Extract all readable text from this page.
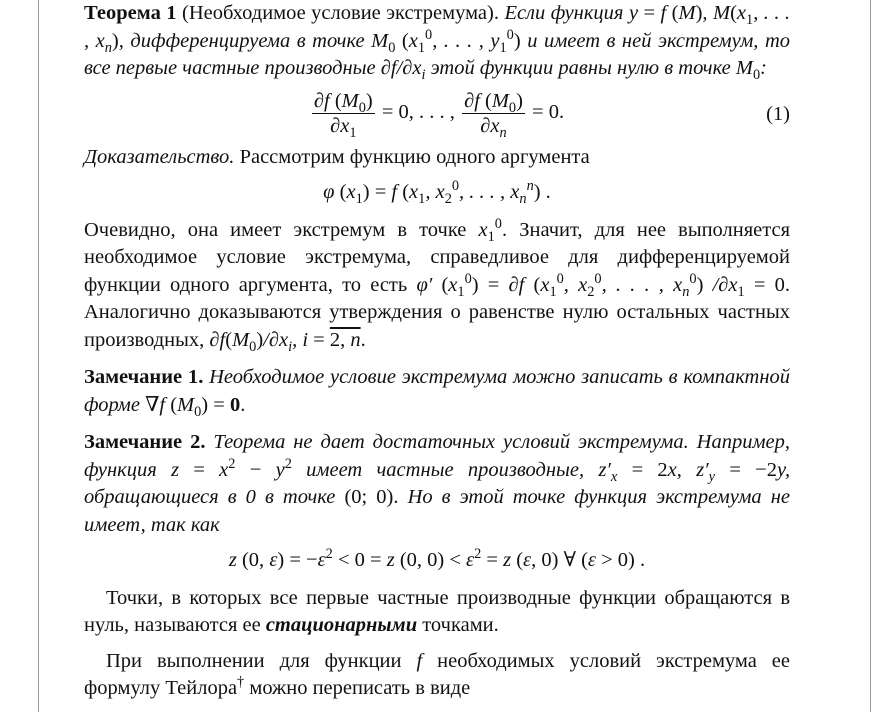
Теорема 1 (Необходимое условие экстремума). Если функция y = f (M), $M(x_1$, . . . , $x_n$), дифференцируема в точке $M_0$ ($x_1^0$, . . . , $y_1^0$) и имеет в ней экстремум, то все первые частные производные $\partial f/\partial x_i$ этой функции равны нулю в точке $M_0$:

$\frac{\partial f (M_0)}{\partial x_1} = 0$, . . . , $\frac{\partial f (M_0)}{\partial x_n} = 0$.	(1)

Доказательство. Рассмотрим функцию одного аргумента

φ $(x_1) = f$ ($x_1$, $x_2^0$, . . . , $x_n^n$) .

Очевидно, она имеет экстремум в точке $x_1^0$. Значит, для нее выполняется необходимое условие экстремума, справедливое для дифференцируемой функции одного аргумента, то есть φ′ $(x_1^0) = \partial f$ ($x_1^0$, $x_2^0$, . . . , $x_n^0$) $/\partial x_1 = 0$. Аналогично доказываются утверждения о равенстве нулю остальных частных производных, $\partial f(M_0)/\partial x_i$, i = 2, n.

Замечание 1. Необходимое условие экстремума можно записать в компактной форме ∇f $(M_0) = 0$.

Замечание 2. Теорема не дает достаточных условий экстремума. Например, функция $z = x^2 - y^2$ имеет частные производные, $z'_x = 2x$, $z'_y = -2y$, обращающиеся в 0 в точке (0; 0). Но в этой точке функция экстремума не имеет, так как

z (0, $\varepsilon) = -\varepsilon^2 < 0 = z$ (0, $0) < \varepsilon^2 = z$ (ε, 0) ∀ (ε > 0) .

Точки, в которых все первые частные производные функции обращаются в нуль, называются ее стационарными точками.

При выполнении для функции f необходимых условий экстремума ее формулу Тейлора† можно переписать в виде
